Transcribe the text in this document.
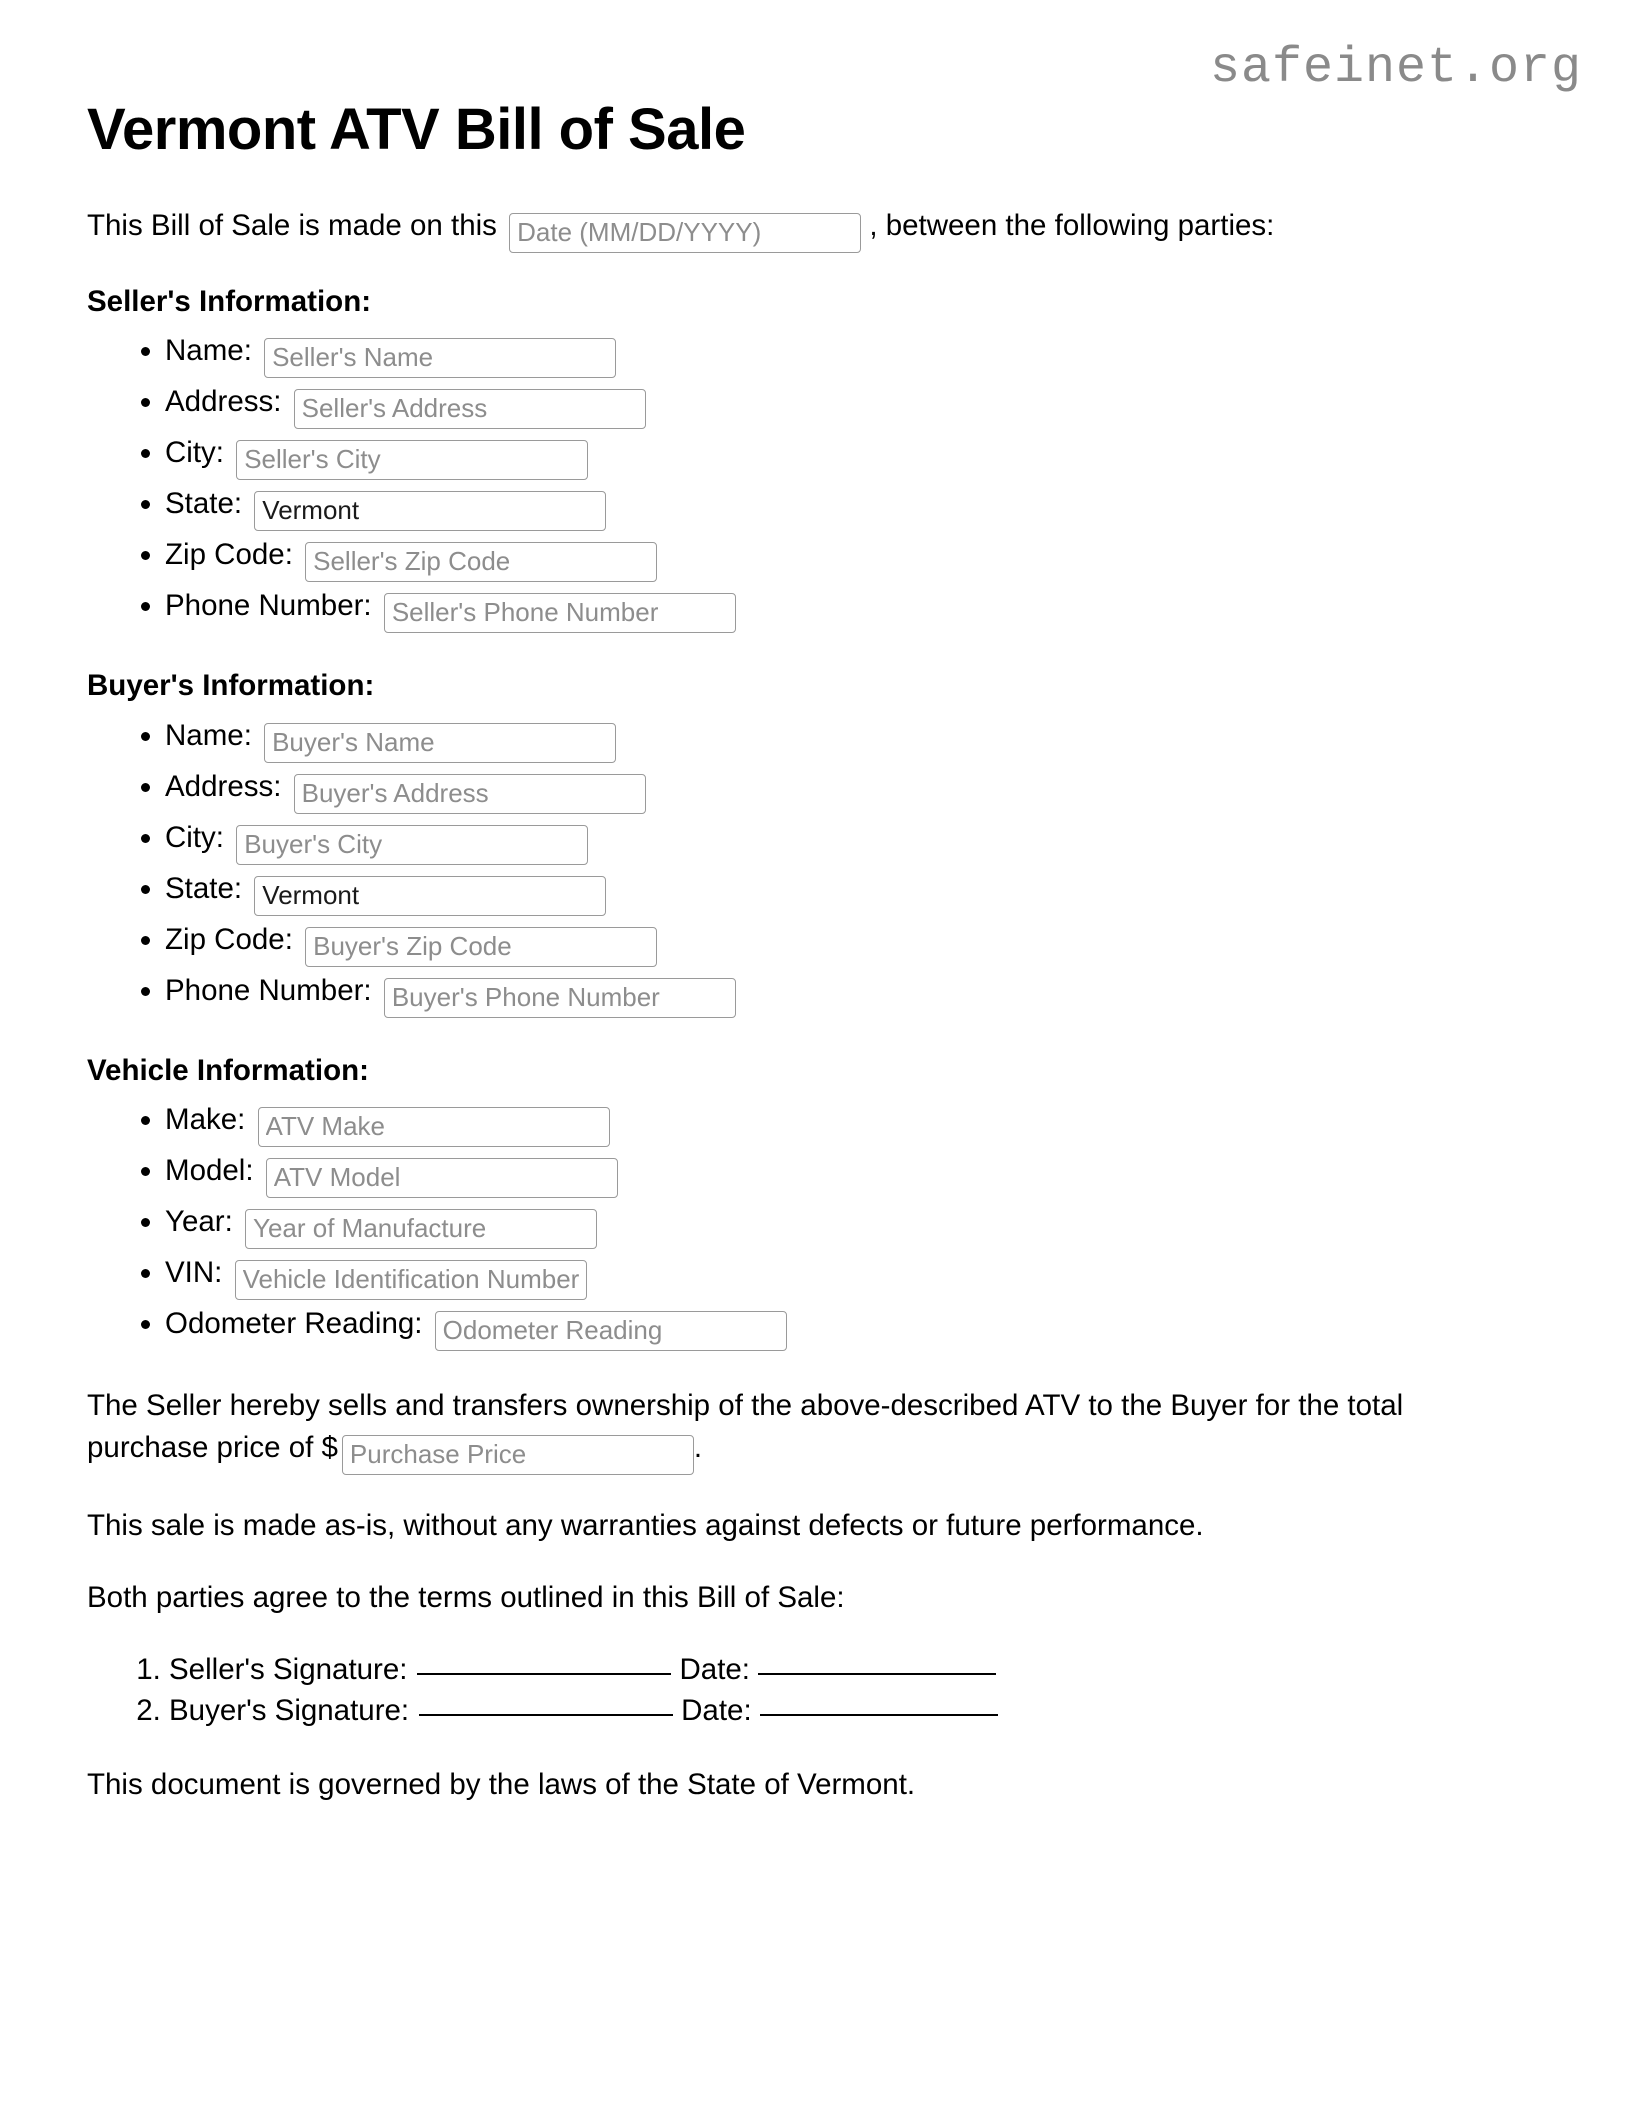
safeinet.org
Vermont ATV Bill of Sale

This Bill of Sale is made on this Date (MM/DD/YYYY)	, between the following parties:

Seller's Information:
• Name: Seller's Name
• Address: Seller's Address
• City: Seller's City
• State: Vermont
• Zip Code: Seller's Zip Code
• Phone Number: Seller's Phone Number
Buyer's Information:
• Name: Buyer's Name
• Address: Buyer's Address
• City: Buyer's City
• State: Vermont
• Zip Code: Buyer's Zip Code
• Phone Number: Buyer's Phone Number
Vehicle Information:
• Make: ATV Make
• Model: ATV Model
• Year: Year of Manufacture
• VIN: Vehicle Identification Number
• Odometer Reading: Odometer Reading

The Seller hereby sells and transfers ownership of the above-described ATV to the Buyer for the total purchase price of $Purchase Price	.

This sale is made as-is, without any warranties against defects or future performance.

Both parties agree to the terms outlined in this Bill of Sale:

1. Seller's Signature:	Date:
2. Buyer's Signature:	Date:

This document is governed by the laws of the State of Vermont.
